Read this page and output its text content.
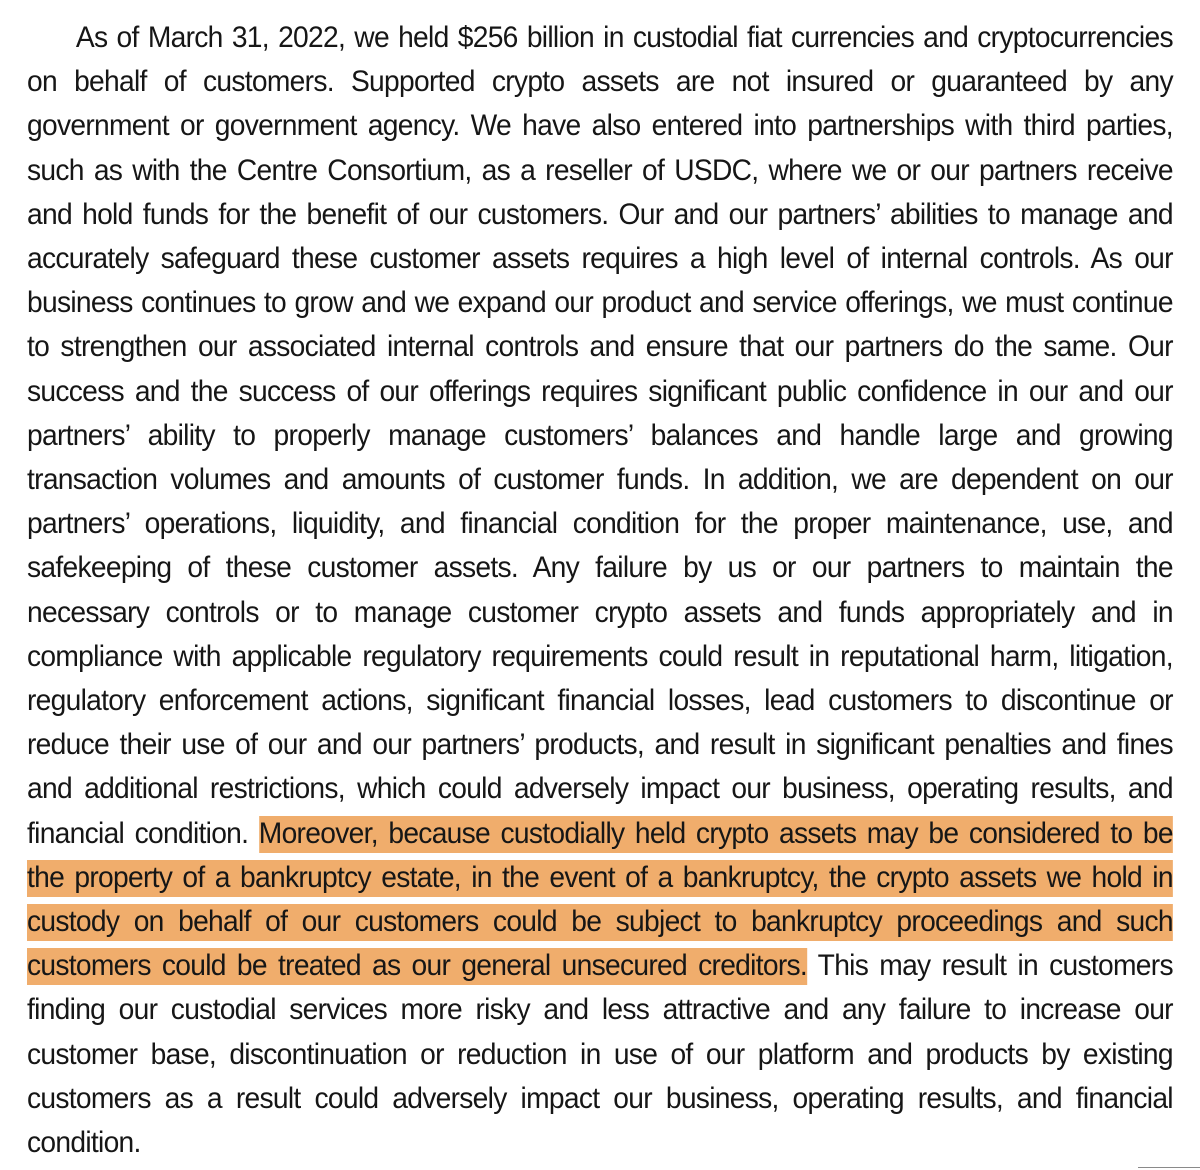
As of March 31, 2022, we held $256 billion in custodial fiat currencies and cryptocurrencies on behalf of customers. Supported crypto assets are not insured or guaranteed by any government or government agency. We have also entered into partnerships with third parties, such as with the Centre Consortium, as a reseller of USDC, where we or our partners receive and hold funds for the benefit of our customers. Our and our partners’ abilities to manage and accurately safeguard these customer assets requires a high level of internal controls. As our business continues to grow and we expand our product and service offerings, we must continue to strengthen our associated internal controls and ensure that our partners do the same. Our success and the success of our offerings requires significant public confidence in our and our partners’ ability to properly manage customers’ balances and handle large and growing transaction volumes and amounts of customer funds. In addition, we are dependent on our partners’ operations, liquidity, and financial condition for the proper maintenance, use, and safekeeping of these customer assets. Any failure by us or our partners to maintain the necessary controls or to manage customer crypto assets and funds appropriately and in compliance with applicable regulatory requirements could result in reputational harm, litigation, regulatory enforcement actions, significant financial losses, lead customers to discontinue or reduce their use of our and our partners’ products, and result in significant penalties and fines and additional restrictions, which could adversely impact our business, operating results, and financial condition. Moreover, because custodially held crypto assets may be considered to be the property of a bankruptcy estate, in the event of a bankruptcy, the crypto assets we hold in custody on behalf of our customers could be subject to bankruptcy proceedings and such customers could be treated as our general unsecured creditors. This may result in customers finding our custodial services more risky and less attractive and any failure to increase our customer base, discontinuation or reduction in use of our platform and products by existing customers as a result could adversely impact our business, operating results, and financial condition.
